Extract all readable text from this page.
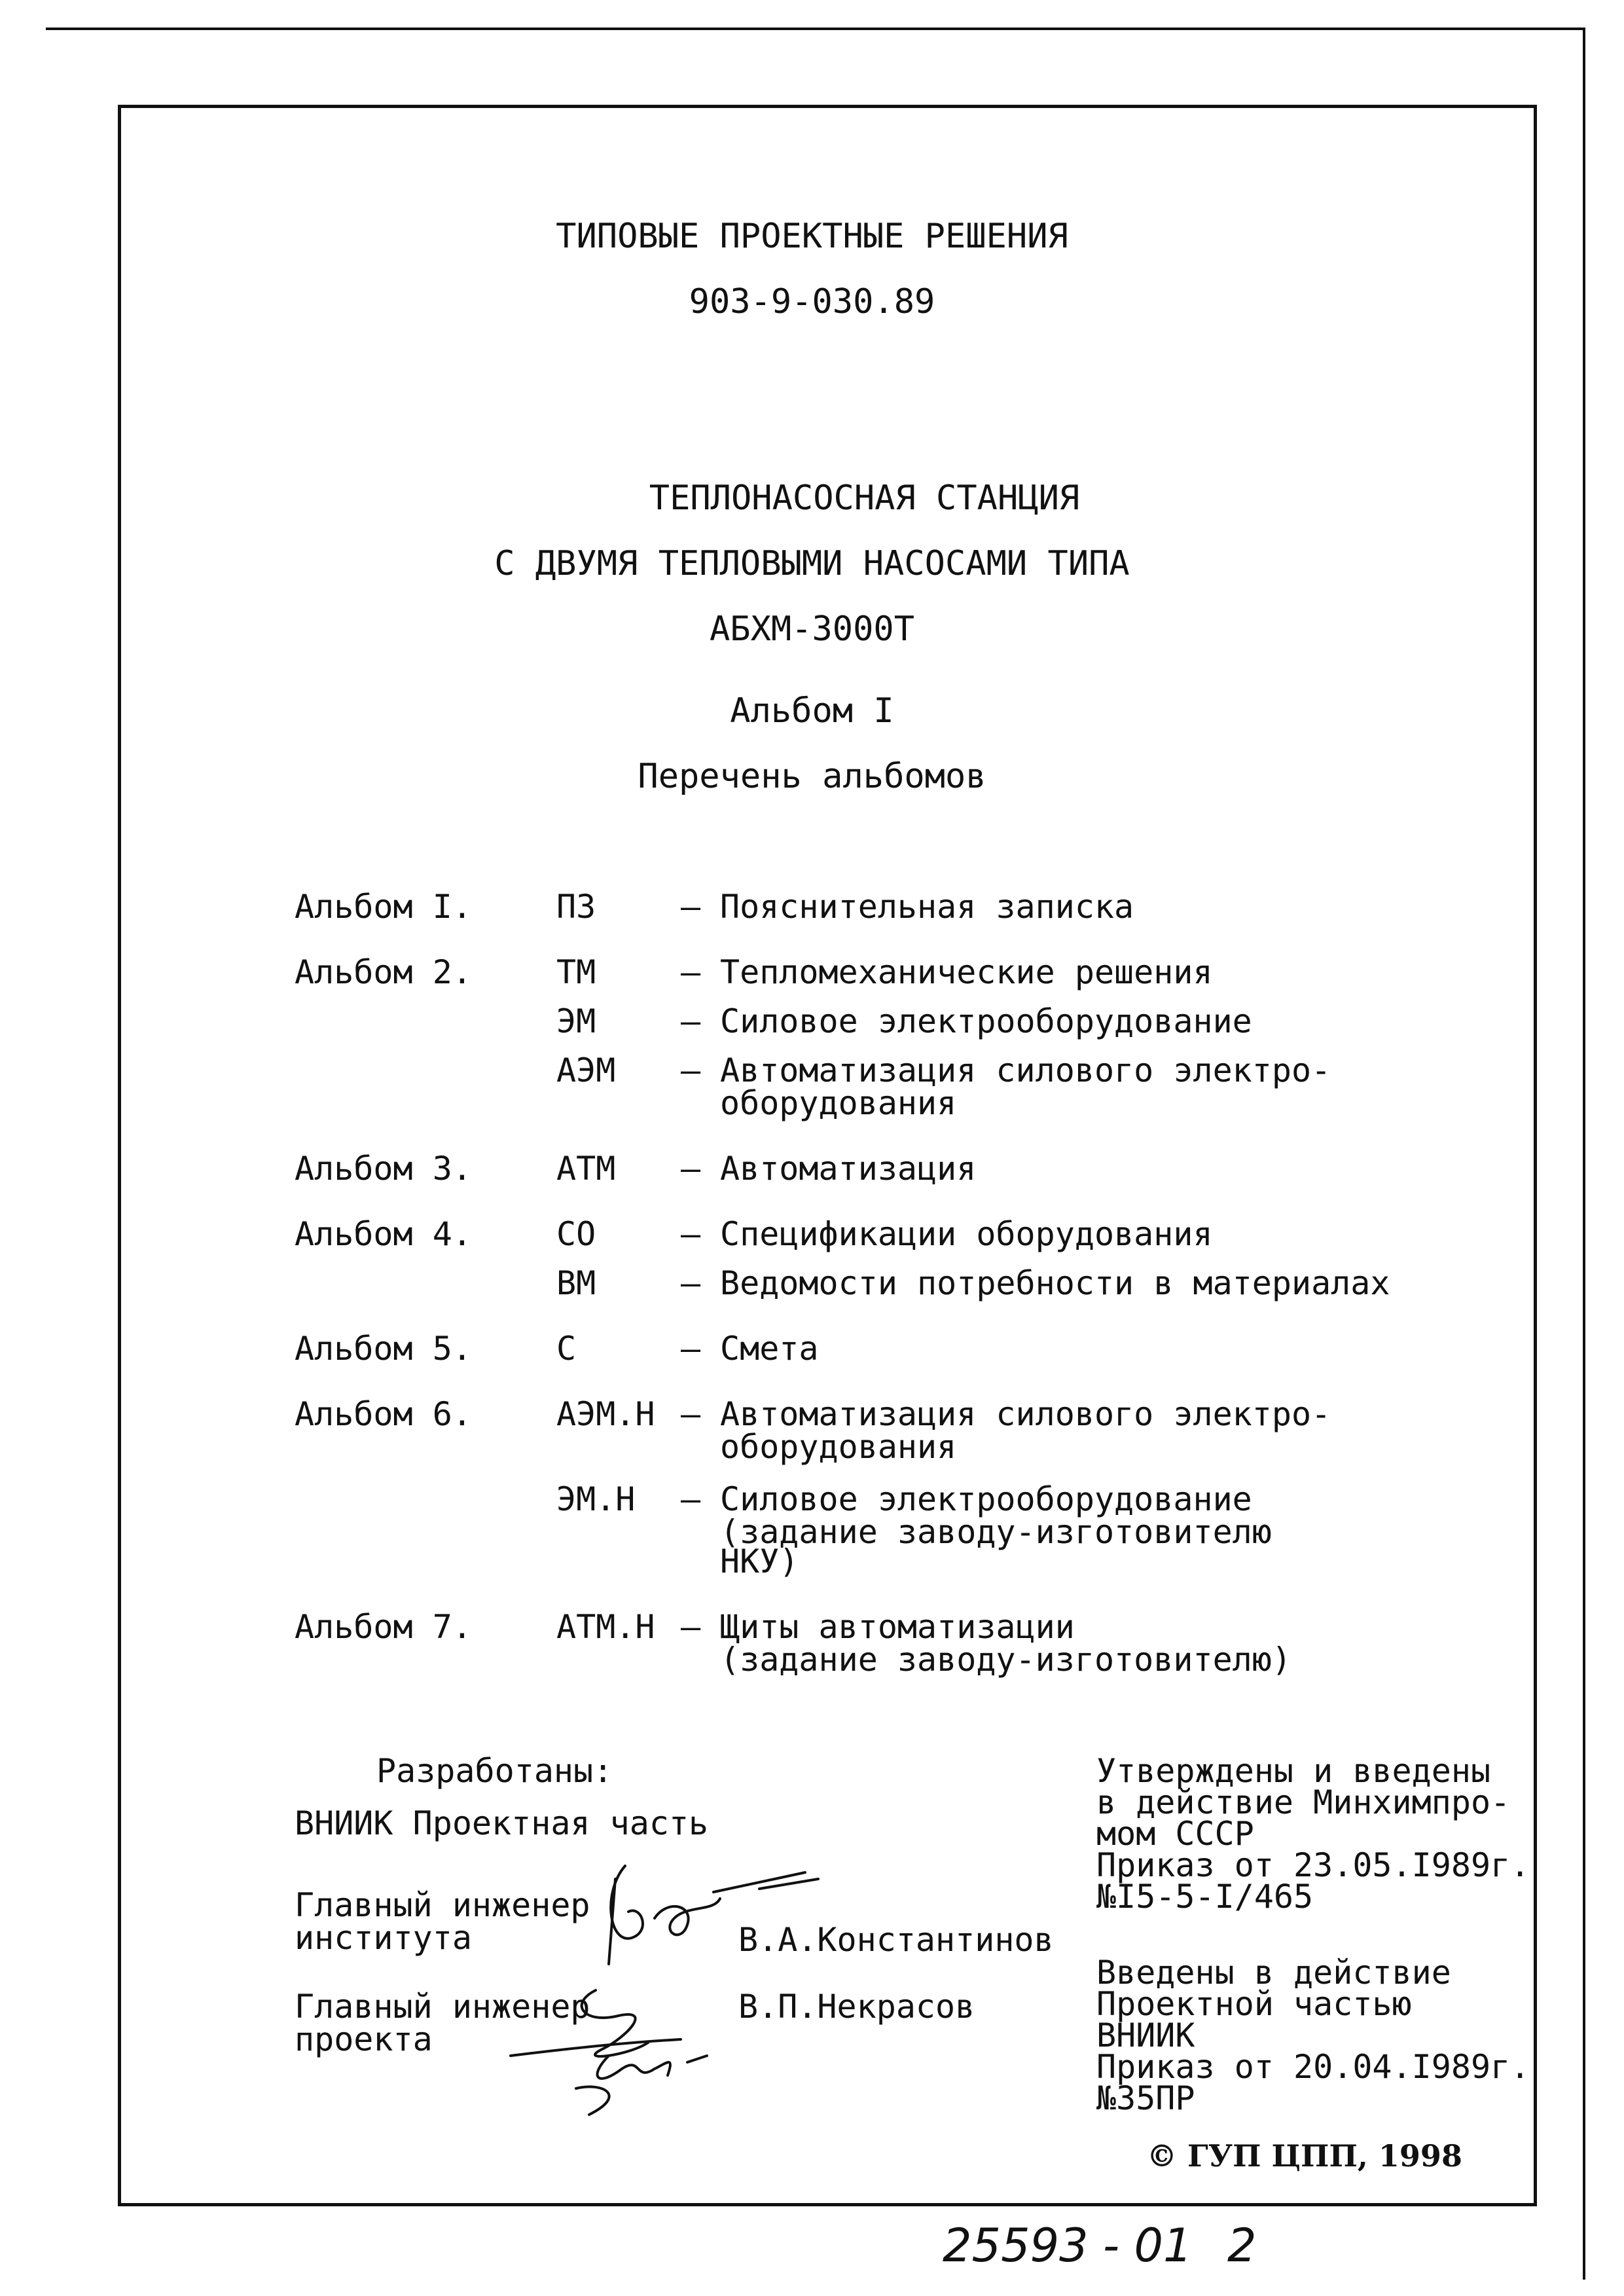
ТИПОВЫЕ ПРОЕКТНЫЕ РЕШЕНИЯ
903-9-030.89
ТЕПЛОНАСОСНАЯ СТАНЦИЯ
С ДВУМЯ ТЕПЛОВЫМИ НАСОСАМИ ТИПА
АБХМ-3000Т
Альбом I
Перечень альбомов
Альбом I.	ПЗ	– Пояснительная записка
Альбом 2.	ТМ	– Тепломеханические решения
ЭМ	– Силовое электрооборудование
АЭМ – Автоматизация силового электро-
оборудования
Альбом 3.	АТМ – Автоматизация
Альбом 4.	СО	– Спецификации оборудования
ВМ	– Ведомости потребности в материалах
Альбом 5.	С	– Смета
Альбом 6.	АЭМ.Н – Автоматизация силового электро-
оборудования
ЭМ.Н – Силовое электрооборудование
(задание заводу-изготовителю
НКУ)
Альбом 7.	АТМ.Н – Щиты автоматизации
(задание заводу-изготовителю)
Разработаны:
ВНИИК Проектная часть
Главный инженер
института	В.А.Константинов
Главный инженер
проекта
В.П.Некрасов
Утверждены и введены
в действие Минхимпро-
мом СССР
Приказ от 23.05.I989г.
№I5-5-I/465
Введены в действие
Проектной частью
ВНИИК
Приказ от 20.04.I989г.
№35ПР
© ГУП ЦПП, 1998
25593 - 01 2
